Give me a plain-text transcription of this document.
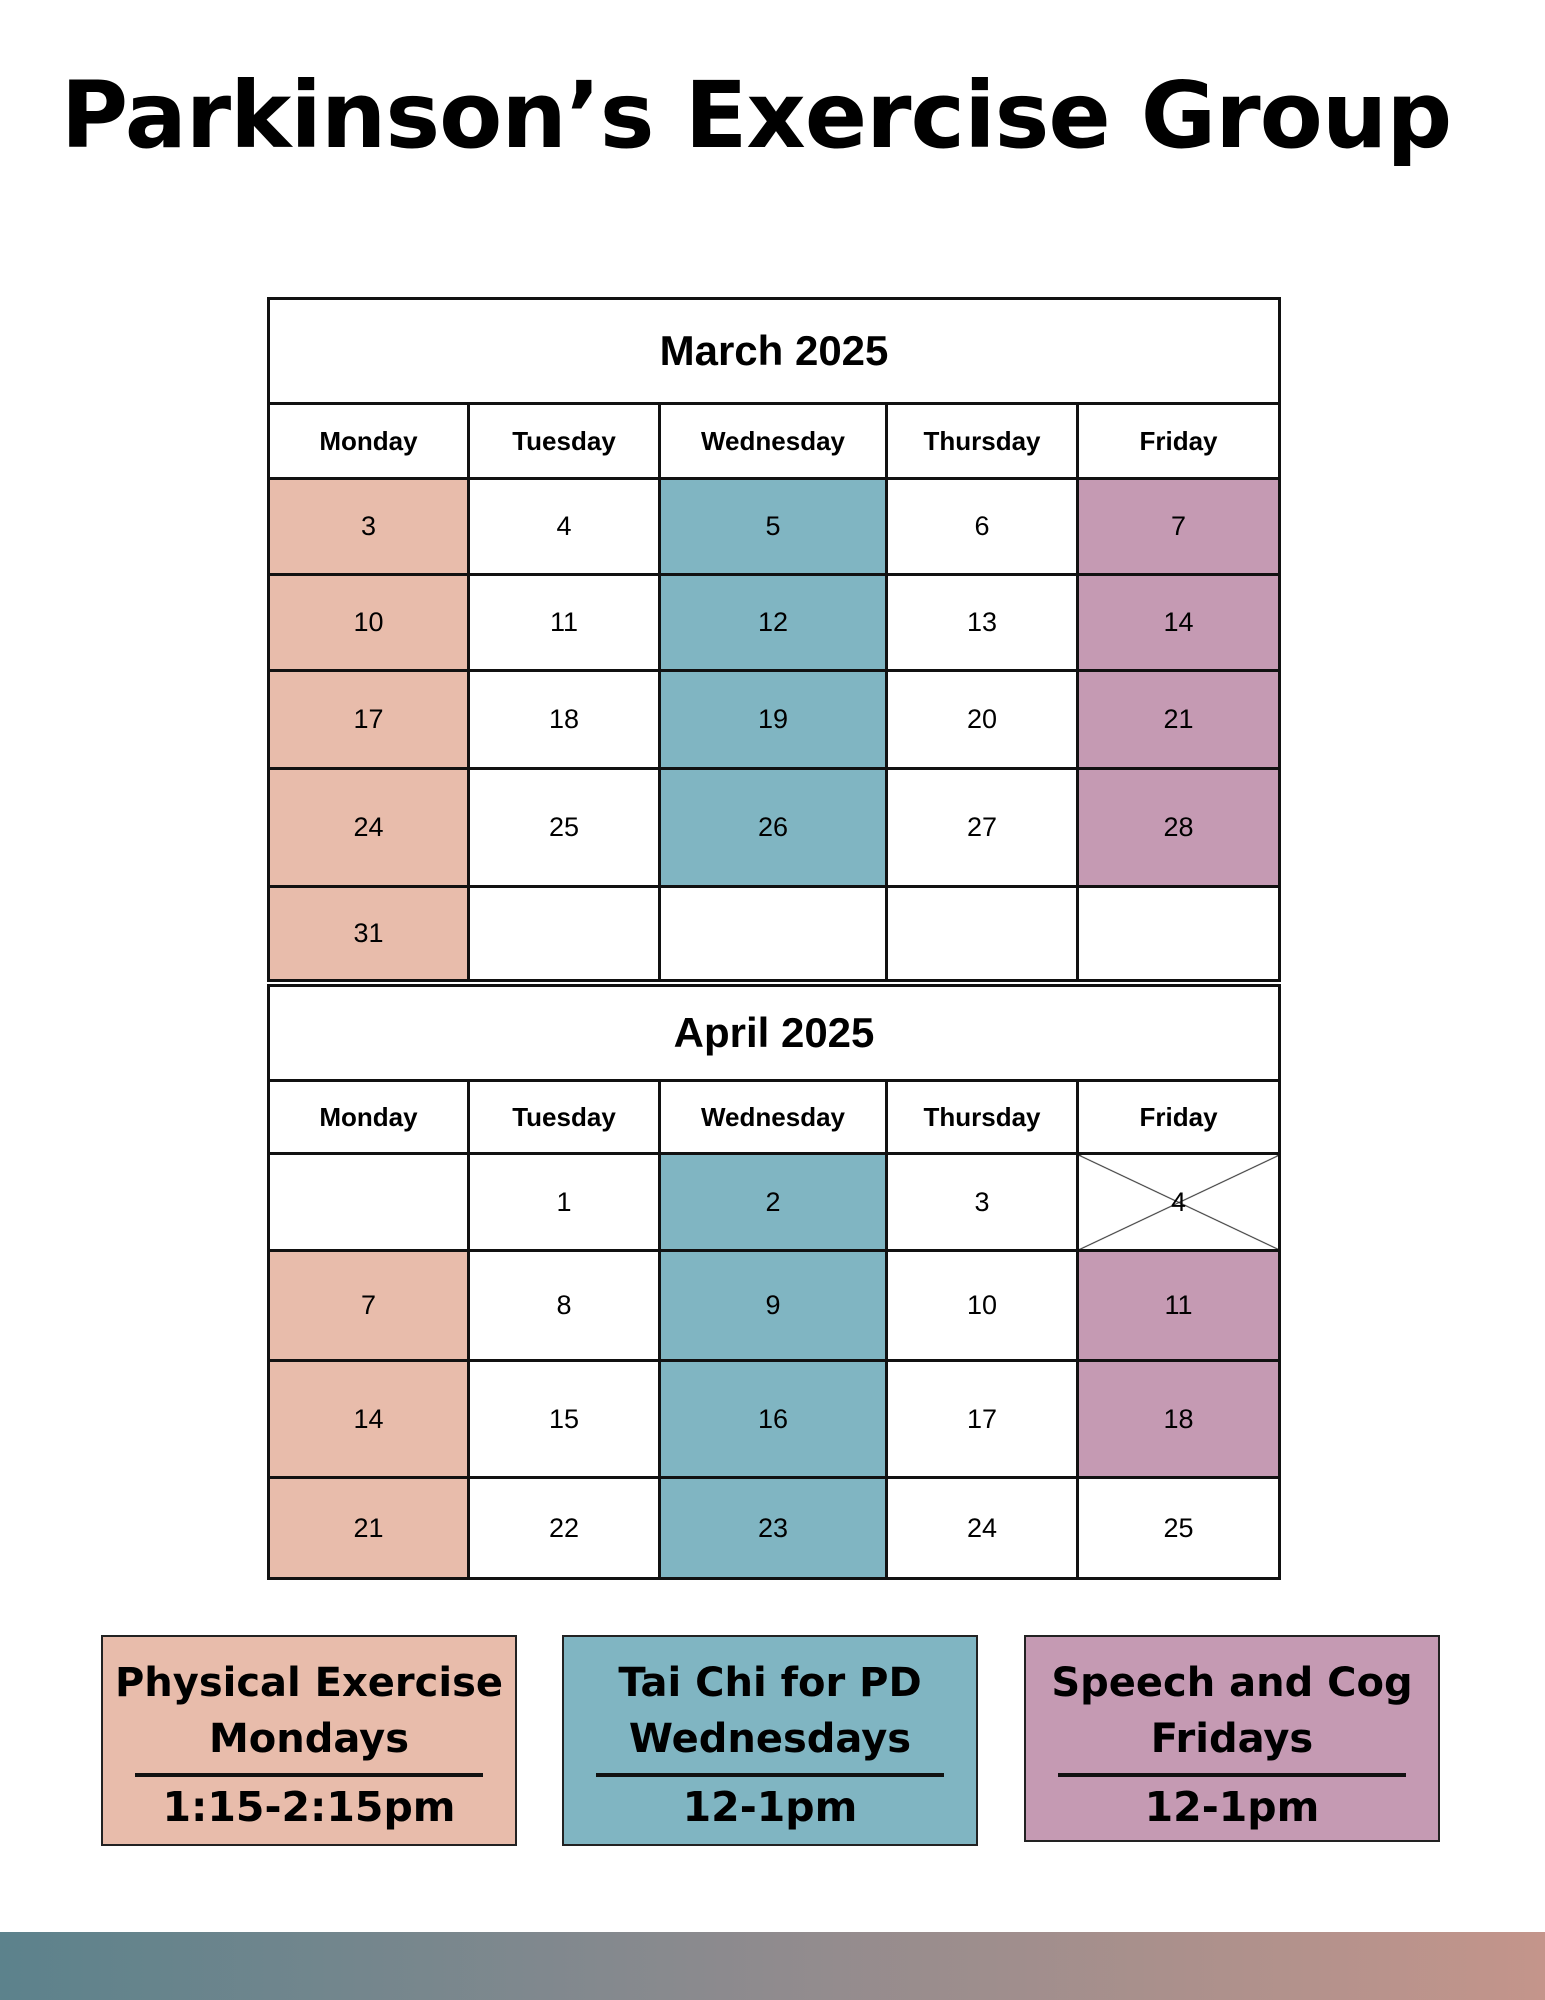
Parkinson’s Exercise Group
March 2025				
Monday	Tuesday	Wednesday	Thursday	Friday
3	4	5	6	7
10	11	12	13	14
17	18	19	20	21
24	25	26	27	28
31				
April 2025				
Monday	Tuesday	Wednesday	Thursday	Friday
	1	2	3	4
7	8	9	10	11
14	15	16	17	18
21	22	23	24	25
Physical Exercise
Mondays
1:15-2:15pm
Tai Chi for PD
Wednesdays
12-1pm
Speech and Cog
Fridays
12-1pm
